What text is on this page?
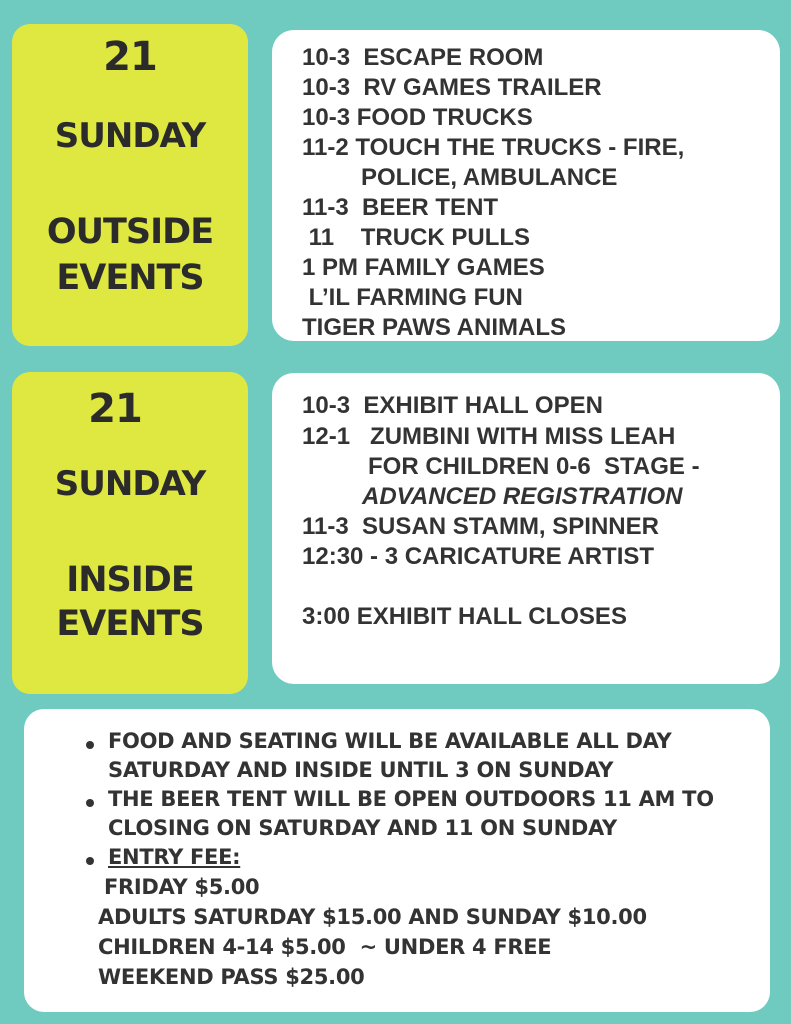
21
SUNDAY
OUTSIDE
EVENTS
10-3  ESCAPE ROOM
10-3  RV GAMES TRAILER
10-3 FOOD TRUCKS
11-2 TOUCH THE TRUCKS - FIRE,
POLICE, AMBULANCE
11-3  BEER TENT
11    TRUCK PULLS
1 PM FAMILY GAMES
L’IL FARMING FUN
TIGER PAWS ANIMALS
21
SUNDAY
INSIDE
EVENTS
10-3  EXHIBIT HALL OPEN
12-1   ZUMBINI WITH MISS LEAH
FOR CHILDREN 0-6  STAGE -
ADVANCED REGISTRATION
11-3  SUSAN STAMM, SPINNER
12:30 - 3 CARICATURE ARTIST
3:00 EXHIBIT HALL CLOSES
FOOD AND SEATING WILL BE AVAILABLE ALL DAY
SATURDAY AND INSIDE UNTIL 3 ON SUNDAY
THE BEER TENT WILL BE OPEN OUTDOORS 11 AM TO
CLOSING ON SATURDAY AND 11 ON SUNDAY
ENTRY FEE:
FRIDAY $5.00
ADULTS SATURDAY $15.00 AND SUNDAY $10.00
CHILDREN 4-14 $5.00  ~ UNDER 4 FREE
WEEKEND PASS $25.00
